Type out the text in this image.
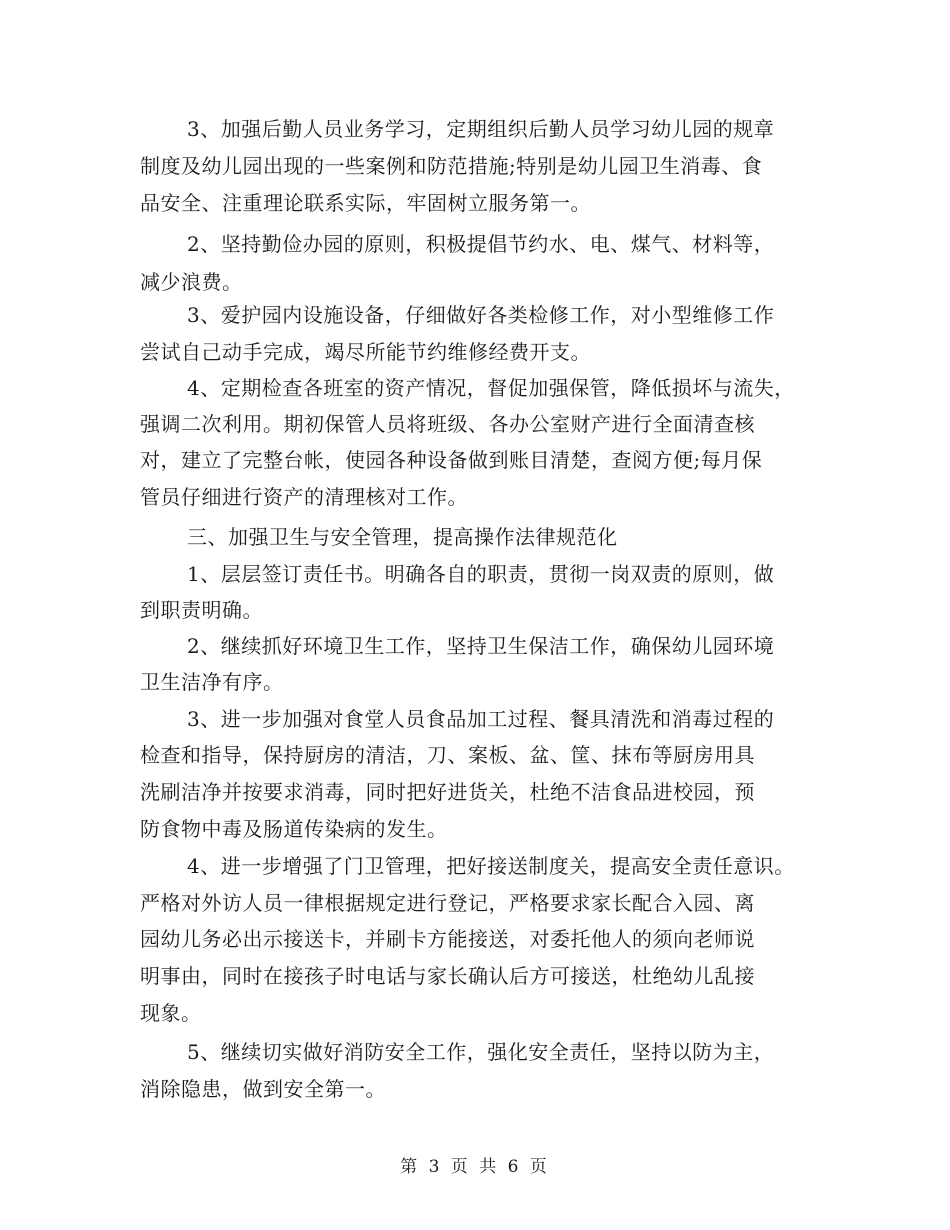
3、加强后勤人员业务学习，定期组织后勤人员学习幼儿园的规章
制度及幼儿园出现的一些案例和防范措施;特别是幼儿园卫生消毒、食
品安全、注重理论联系实际，牢固树立服务第一。
2、坚持勤俭办园的原则，积极提倡节约水、电、煤气、材料等，
减少浪费。
3、爱护园内设施设备，仔细做好各类检修工作，对小型维修工作
尝试自己动手完成，竭尽所能节约维修经费开支。
4、定期检查各班室的资产情况，督促加强保管，降低损坏与流失，
强调二次利用。期初保管人员将班级、各办公室财产进行全面清查核
对，建立了完整台帐，使园各种设备做到账目清楚，查阅方便;每月保
管员仔细进行资产的清理核对工作。
三、加强卫生与安全管理，提高操作法律规范化
1、层层签订责任书。明确各自的职责，贯彻一岗双责的原则，做
到职责明确。
2、继续抓好环境卫生工作，坚持卫生保洁工作，确保幼儿园环境
卫生洁净有序。
3、进一步加强对食堂人员食品加工过程、餐具清洗和消毒过程的
检查和指导，保持厨房的清洁，刀、案板、盆、筐、抹布等厨房用具
洗刷洁净并按要求消毒，同时把好进货关，杜绝不洁食品进校园，预
防食物中毒及肠道传染病的发生。
4、进一步增强了门卫管理，把好接送制度关，提高安全责任意识。
严格对外访人员一律根据规定进行登记，严格要求家长配合入园、离
园幼儿务必出示接送卡，并刷卡方能接送，对委托他人的须向老师说
明事由，同时在接孩子时电话与家长确认后方可接送，杜绝幼儿乱接
现象。
5、继续切实做好消防安全工作，强化安全责任，坚持以防为主，
消除隐患，做到安全第一。
第 3 页 共 6 页
